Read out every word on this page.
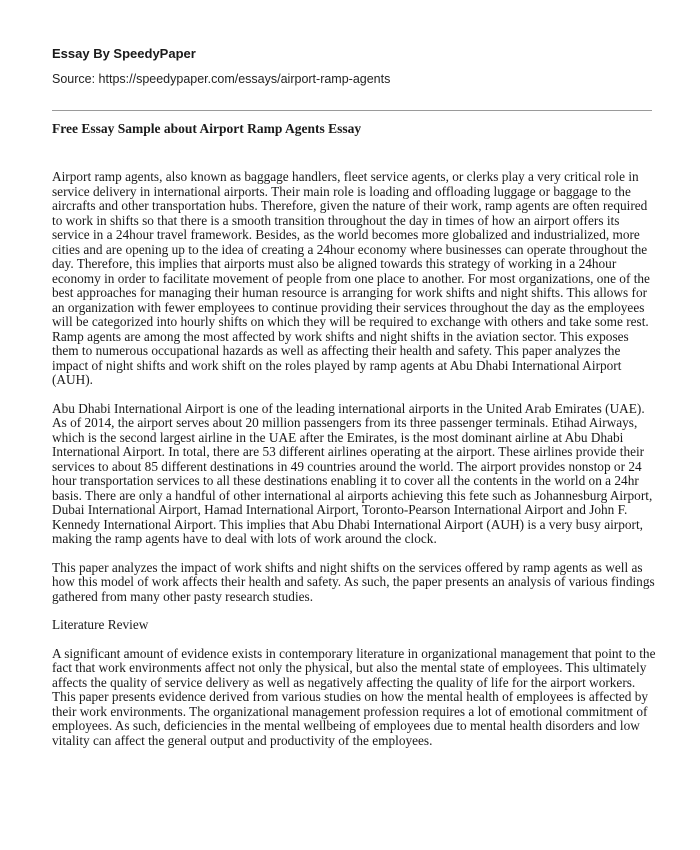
Essay By SpeedyPaper
Source: https://speedypaper.com/essays/airport-ramp-agents
Free Essay Sample about Airport Ramp Agents Essay

Airport ramp agents, also known as baggage handlers, fleet service agents, or clerks play a very critical role in service delivery in international airports. Their main role is loading and offloading luggage or baggage to the aircrafts and other transportation hubs. Therefore, given the nature of their work, ramp agents are often required to work in shifts so that there is a smooth transition throughout the day in times of how an airport offers its service in a 24hour travel framework. Besides, as the world becomes more globalized and industrialized, more cities and are opening up to the idea of creating a 24hour economy where businesses can operate throughout the day. Therefore, this implies that airports must also be aligned towards this strategy of working in a 24hour economy in order to facilitate movement of people from one place to another. For most organizations, one of the best approaches for managing their human resource is arranging for work shifts and night shifts. This allows for an organization with fewer employees to continue providing their services throughout the day as the employees will be categorized into hourly shifts on which they will be required to exchange with others and take some rest. Ramp agents are among the most affected by work shifts and night shifts in the aviation sector. This exposes them to numerous occupational hazards as well as affecting their health and safety. This paper analyzes the impact of night shifts and work shift on the roles played by ramp agents at Abu Dhabi International Airport (AUH).

Abu Dhabi International Airport is one of the leading international airports in the United Arab Emirates (UAE). As of 2014, the airport serves about 20 million passengers from its three passenger terminals. Etihad Airways, which is the second largest airline in the UAE after the Emirates, is the most dominant airline at Abu Dhabi International Airport. In total, there are 53 different airlines operating at the airport. These airlines provide their services to about 85 different destinations in 49 countries around the world. The airport provides nonstop or 24 hour transportation services to all these destinations enabling it to cover all the contents in the world on a 24hr basis. There are only a handful of other international al airports achieving this fete such as Johannesburg Airport, Dubai International Airport, Hamad International Airport, Toronto-Pearson International Airport and John F. Kennedy International Airport. This implies that Abu Dhabi International Airport (AUH) is a very busy airport, making the ramp agents have to deal with lots of work around the clock.

This paper analyzes the impact of work shifts and night shifts on the services offered by ramp agents as well as how this model of work affects their health and safety. As such, the paper presents an analysis of various findings gathered from many other pasty research studies.

Literature Review

A significant amount of evidence exists in contemporary literature in organizational management that point to the fact that work environments affect not only the physical, but also the mental state of employees. This ultimately affects the quality of service delivery as well as negatively affecting the quality of life for the airport workers. This paper presents evidence derived from various studies on how the mental health of employees is affected by their work environments. The organizational management profession requires a lot of emotional commitment of employees. As such, deficiencies in the mental wellbeing of employees due to mental health disorders and low vitality can affect the general output and productivity of the employees.
